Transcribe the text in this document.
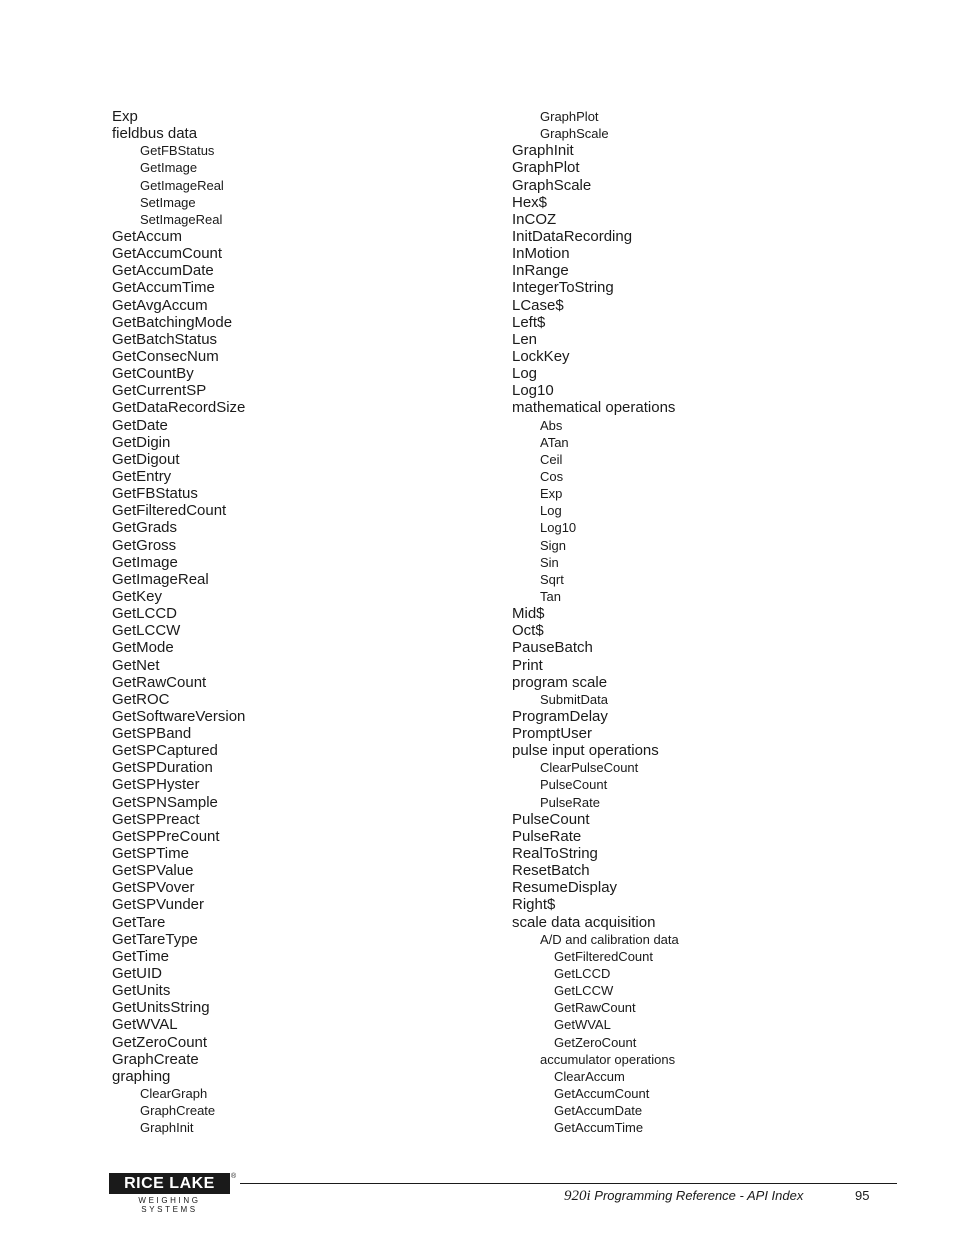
Exp
fieldbus data
GetFBStatus
GetImage
GetImageReal
SetImage
SetImageReal
GetAccum
GetAccumCount
GetAccumDate
GetAccumTime
GetAvgAccum
GetBatchingMode
GetBatchStatus
GetConsecNum
GetCountBy
GetCurrentSP
GetDataRecordSize
GetDate
GetDigin
GetDigout
GetEntry
GetFBStatus
GetFilteredCount
GetGrads
GetGross
GetImage
GetImageReal
GetKey
GetLCCD
GetLCCW
GetMode
GetNet
GetRawCount
GetROC
GetSoftwareVersion
GetSPBand
GetSPCaptured
GetSPDuration
GetSPHyster
GetSPNSample
GetSPPreact
GetSPPreCount
GetSPTime
GetSPValue
GetSPVover
GetSPVunder
GetTare
GetTareType
GetTime
GetUID
GetUnits
GetUnitsString
GetWVAL
GetZeroCount
GraphCreate
graphing
ClearGraph
GraphCreate
GraphInit
GraphPlot
GraphScale
GraphInit
GraphPlot
GraphScale
Hex$
InCOZ
InitDataRecording
InMotion
InRange
IntegerToString
LCase$
Left$
Len
LockKey
Log
Log10
mathematical operations
Abs
ATan
Ceil
Cos
Exp
Log
Log10
Sign
Sin
Sqrt
Tan
Mid$
Oct$
PauseBatch
Print
program scale
SubmitData
ProgramDelay
PromptUser
pulse input operations
ClearPulseCount
PulseCount
PulseRate
PulseCount
PulseRate
RealToString
ResetBatch
ResumeDisplay
Right$
scale data acquisition
A/D and calibration data
GetFilteredCount
GetLCCD
GetLCCW
GetRawCount
GetWVAL
GetZeroCount
accumulator operations
ClearAccum
GetAccumCount
GetAccumDate
GetAccumTime
RICE LAKE ®
WEIGHING SYSTEMS
920i Programming Reference - API Index	95
